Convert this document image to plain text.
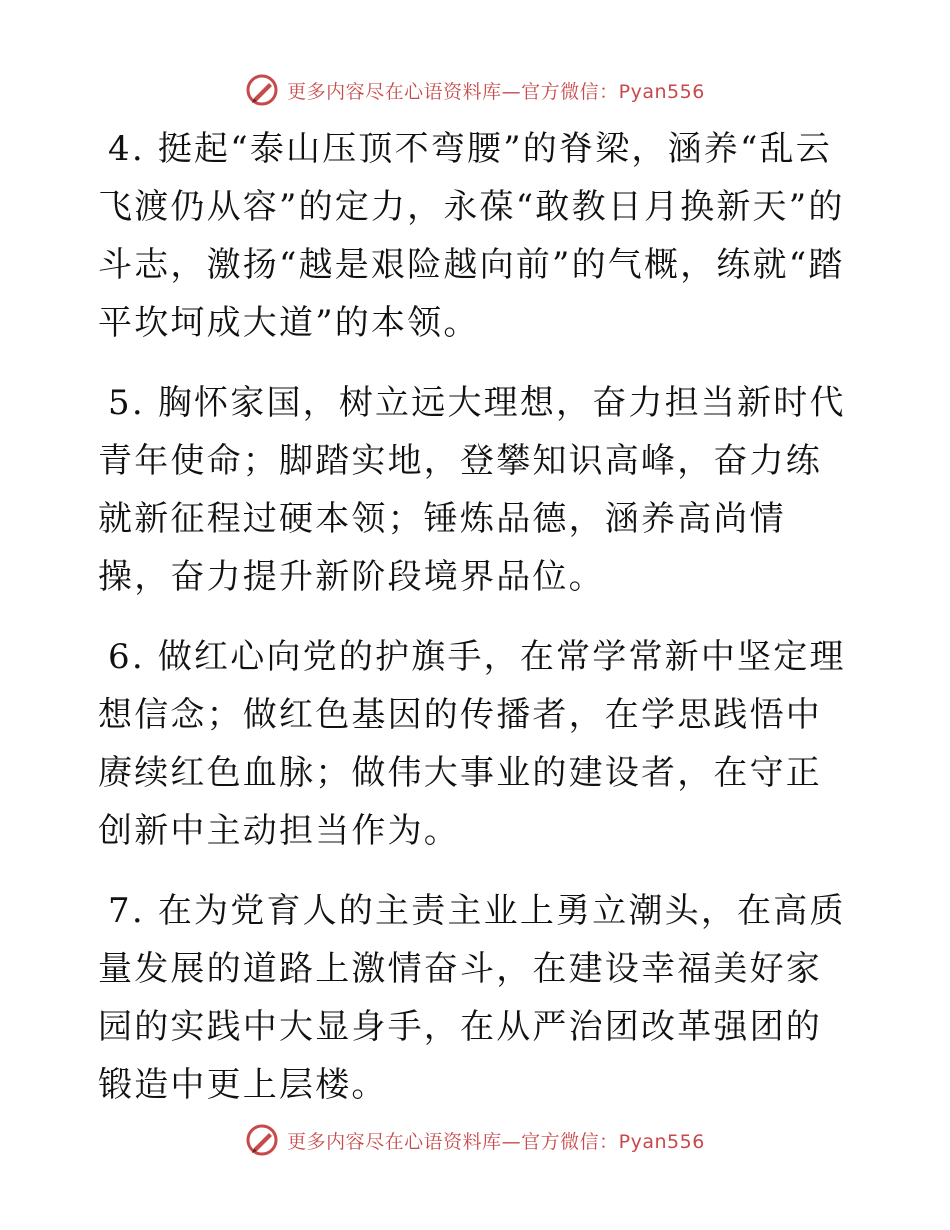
更多内容尽在心语资料库—官方微信：Pyan556

4. 挺起“泰山压顶不弯腰”的脊梁，涵养“乱云飞渡仍从容”的定力，永葆“敢教日月换新天”的斗志，激扬“越是艰险越向前”的气概，练就“踏平坎坷成大道”的本领。

5. 胸怀家国，树立远大理想，奋力担当新时代青年使命；脚踏实地，登攀知识高峰，奋力练就新征程过硬本领；锤炼品德，涵养高尚情操，奋力提升新阶段境界品位。

6. 做红心向党的护旗手，在常学常新中坚定理想信念；做红色基因的传播者，在学思践悟中赓续红色血脉；做伟大事业的建设者，在守正创新中主动担当作为。

7. 在为党育人的主责主业上勇立潮头，在高质量发展的道路上激情奋斗，在建设幸福美好家园的实践中大显身手，在从严治团改革强团的锻造中更上层楼。

更多内容尽在心语资料库—官方微信：Pyan556
